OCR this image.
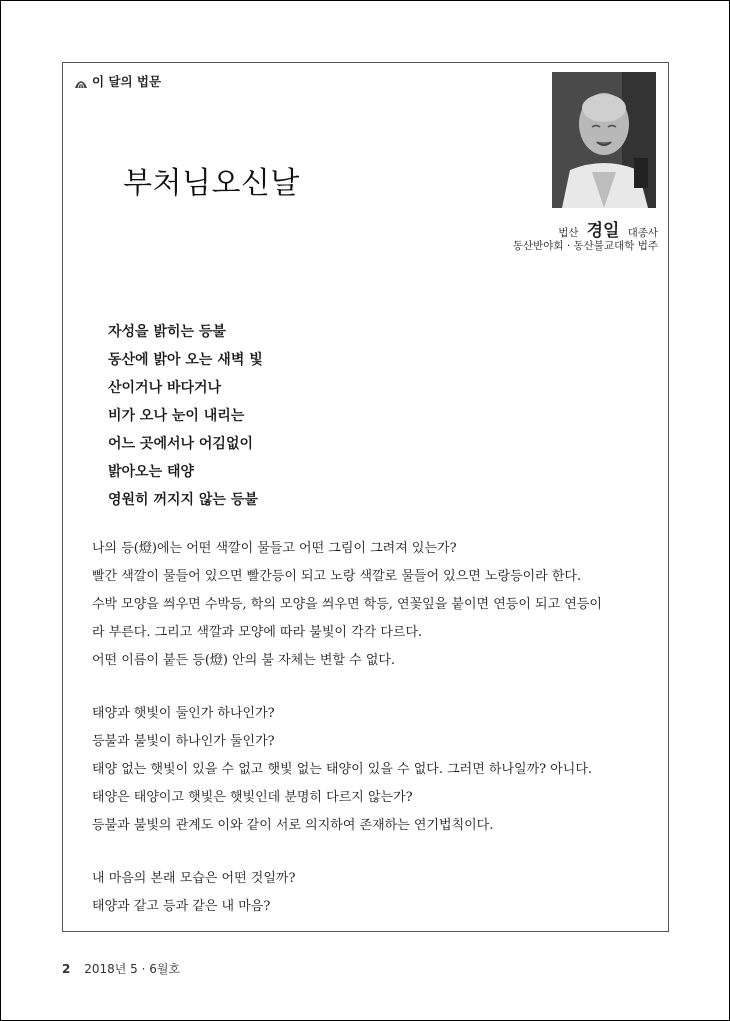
이 달의 법문
부처님오신날
법산 경일 대종사
동산반야회 · 동산불교대학 법주
자성을 밝히는 등불
동산에 밝아 오는 새벽 빛
산이거나 바다거나
비가 오나 눈이 내리는
어느 곳에서나 어김없이
밝아오는 태양
영원히 꺼지지 않는 등불
나의 등(燈)에는 어떤 색깔이 물들고 어떤 그림이 그려져 있는가?
빨간 색깔이 물들어 있으면 빨간등이 되고 노랑 색깔로 물들어 있으면 노랑등이라 한다.
수박 모양을 씌우면 수박등, 학의 모양을 씌우면 학등, 연꽃잎을 붙이면 연등이 되고 연등이
라 부른다. 그리고 색깔과 모양에 따라 불빛이 각각 다르다.
어떤 이름이 붙든 등(燈) 안의 불 자체는 변할 수 없다.
태양과 햇빛이 둘인가 하나인가?
등불과 불빛이 하나인가 둘인가?
태양 없는 햇빛이 있을 수 없고 햇빛 없는 태양이 있을 수 없다. 그러면 하나일까? 아니다.
태양은 태양이고 햇빛은 햇빛인데 분명히 다르지 않는가?
등불과 불빛의 관계도 이와 같이 서로 의지하여 존재하는 연기법칙이다.
내 마음의 본래 모습은 어떤 것일까?
태양과 같고 등과 같은 내 마음?
2 2018년 5 · 6월호
